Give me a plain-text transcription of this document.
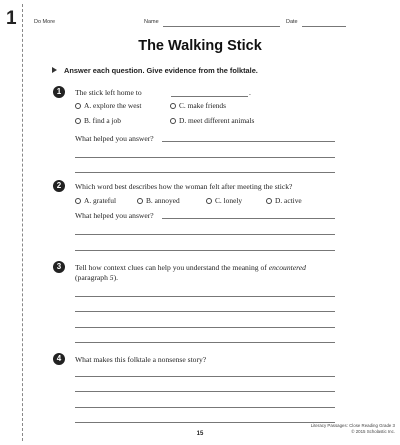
1	Do More	Name	Date
The Walking Stick
Answer each question. Give evidence from the folktale.
1	The stick left home to	.
A. explore the west	C. make friends
B. find a job	D. meet different animals
What helped you answer?
2	Which word best describes how the woman felt after meeting the stick?
A. grateful	B. annoyed	C. lonely	D. active
What helped you answer?
3	Tell how context clues can help you understand the meaning of encountered
(paragraph 5).
4	What makes this folktale a nonsense story?
15
Literacy Passages: Close Reading Grade 3
© 2015 Scholastic Inc.
